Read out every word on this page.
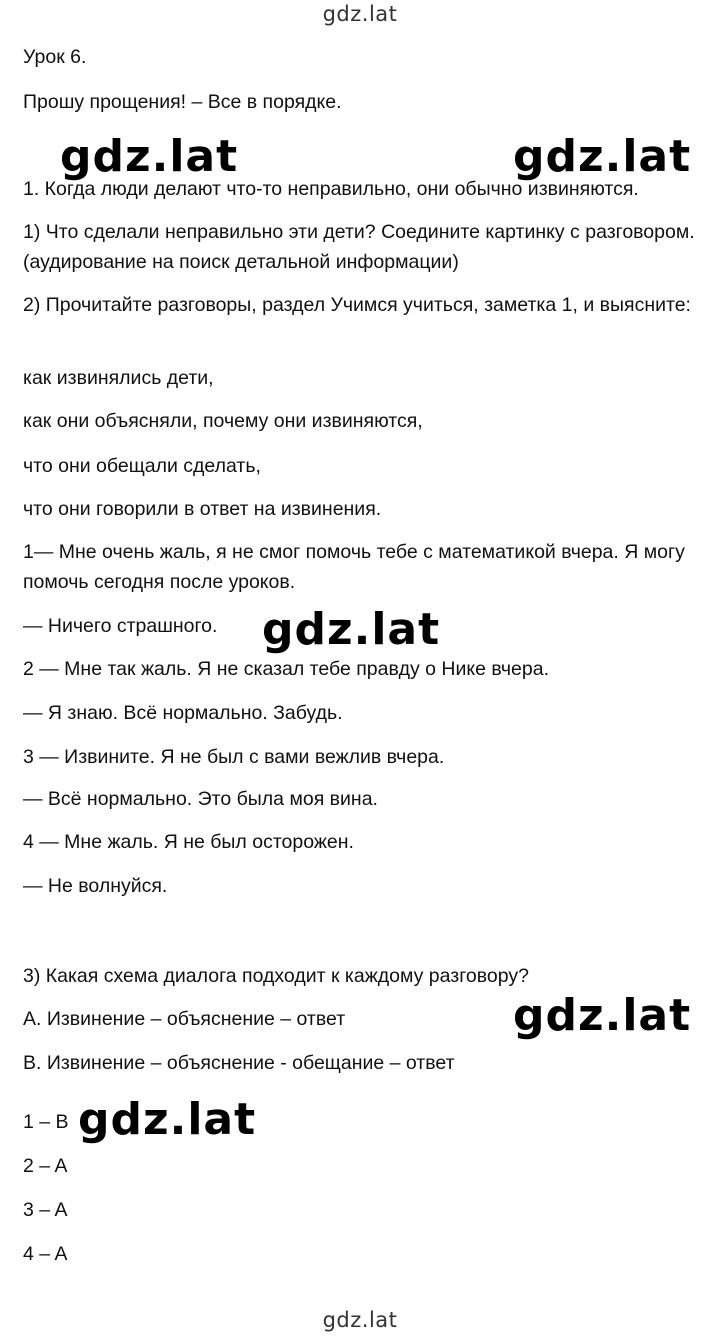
gdz.lat
Урок 6.
Прошу прощения! – Все в порядке.
gdz.lat	gdz.lat
1. Когда люди делают что-то неправильно, они обычно извиняются.
1) Что сделали неправильно эти дети? Соедините картинку с разговором. (аудирование на поиск детальной информации)
2) Прочитайте разговоры, раздел Учимся учиться, заметка 1, и выясните:
как извинялись дети,
как они объясняли, почему они извиняются,
что они обещали сделать,
что они говорили в ответ на извинения.
1— Мне очень жаль, я не смог помочь тебе с математикой вчера. Я могу помочь сегодня после уроков.
— Ничего страшного.	gdz.lat
2 — Мне так жаль. Я не сказал тебе правду о Нике вчера.
— Я знаю. Всё нормально. Забудь.
3 — Извините. Я не был с вами вежлив вчера.
— Всё нормально. Это была моя вина.
4 — Мне жаль. Я не был осторожен.
— Не волнуйся.
3) Какая схема диалога подходит к каждому разговору?
A. Извинение – объяснение – ответ	gdz.lat
B. Извинение – объяснение - обещание – ответ
1 – B gdz.lat
2 – A
3 – A
4 – A
gdz.lat
